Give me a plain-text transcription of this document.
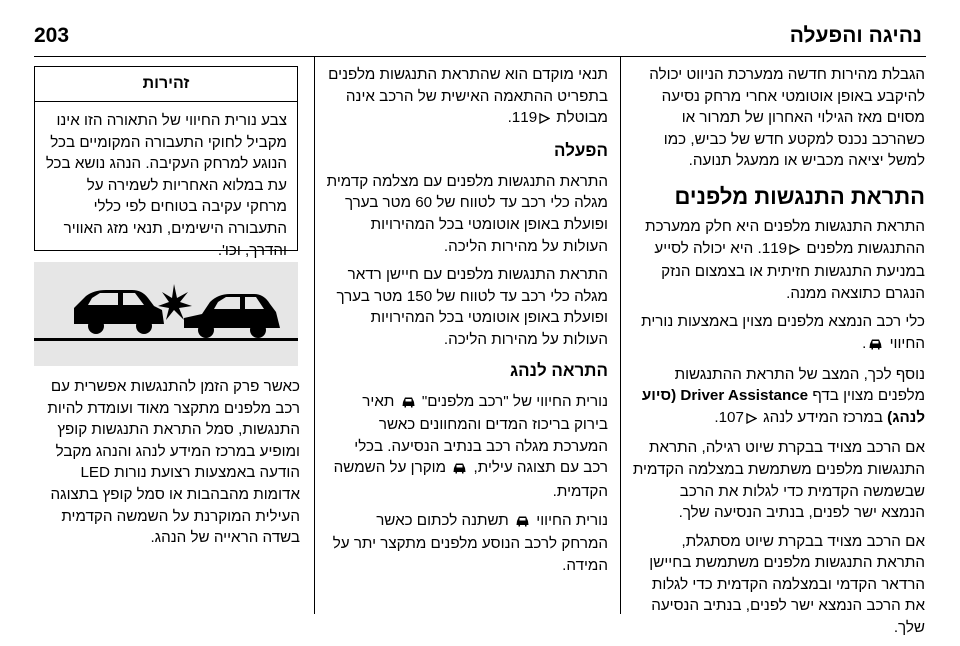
203	נהיגה והפעלה

הגבלת מהירות חדשה ממערכת הניווט יכולה להיקבע באופן אוטומטי אחרי מרחק נסיעה מסוים מאז הגילוי האחרון של תמרור או כשהרכב נכנס למקטע חדש של כביש, כמו למשל יציאה מכביש או ממעגל תנועה.

התראת התנגשות מלפנים

התראת התנגשות מלפנים היא חלק ממערכת ההתנגשות מלפנים 119. היא יכולה לסייע במניעת התנגשות חזיתית או בצמצום הנזק הנגרם כתוצאה ממנה.

כלי רכב הנמצא מלפנים מצוין באמצעות נורית החיווי .

נוסף לכך, המצב של התראת ההתנגשות מלפנים מצוין בדף Driver Assistance (סיוע לנהג) במרכז המידע לנהג 107.

אם הרכב מצויד בבקרת שיוט רגילה, התראת התנגשות מלפנים משתמשת במצלמה הקדמית שבשמשה הקדמית כדי לגלות את הרכב הנמצא ישר לפנים, בנתיב הנסיעה שלך.

אם הרכב מצויד בבקרת שיוט מסתגלת, התראת התנגשות מלפנים משתמשת בחיישן הרדאר הקדמי ובמצלמה הקדמית כדי לגלות את הרכב הנמצא ישר לפנים, בנתיב הנסיעה שלך.

תנאי מוקדם הוא שהתראת התנגשות מלפנים בתפריט ההתאמה האישית של הרכב אינה מבוטלת 119.

הפעלה

התראת התנגשות מלפנים עם מצלמה קדמית מגלה כלי רכב עד לטווח של 60 מטר בערך ופועלת באופן אוטומטי בכל המהירויות העולות על מהירות הליכה.

התראת התנגשות מלפנים עם חיישן רדאר מגלה כלי רכב עד לטווח של 150 מטר בערך ופועלת באופן אוטומטי בכל המהירויות העולות על מהירות הליכה.

התראה לנהג

נורית החיווי של "רכב מלפנים"  תאיר בירוק בריכוז המדים והמחוונים כאשר המערכת מגלה רכב בנתיב הנסיעה. בכלי רכב עם תצוגה עילית,  מוקרן על השמשה הקדמית.

נורית החיווי  תשתנה לכתום כאשר המרחק לרכב הנוסע מלפנים מתקצר יתר על המידה.

זהירות
צבע נורית החיווי של התאורה הזו אינו מקביל לחוקי התעבורה המקומיים בכל הנוגע למרחק העקיבה. הנהג נושא בכל עת במלוא האחריות לשמירה על מרחקי עקיבה בטוחים לפי כללי התעבורה הישימים, תנאי מזג האוויר והדרך, וכו'.

כאשר פרק הזמן להתנגשות אפשרית עם רכב מלפנים מתקצר מאוד ועומדת להיות התנגשות, סמל התראת התנגשות קופץ ומופיע במרכז המידע לנהג והנהג מקבל הודעה באמצעות רצועת נורות LED אדומות מהבהבות או סמל קופץ בתצוגה העילית המוקרנת על השמשה הקדמית בשדה הראייה של הנהג.
